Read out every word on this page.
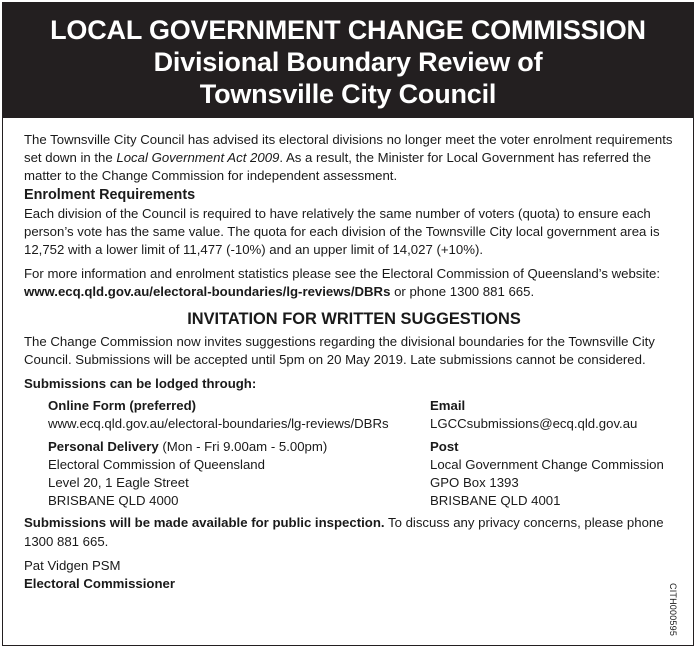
LOCAL GOVERNMENT CHANGE COMMISSION
Divisional Boundary Review of
Townsville City Council

The Townsville City Council has advised its electoral divisions no longer meet the voter enrolment requirements set down in the Local Government Act 2009. As a result, the Minister for Local Government has referred the matter to the Change Commission for independent assessment.

Enrolment Requirements

Each division of the Council is required to have relatively the same number of voters (quota) to ensure each person’s vote has the same value. The quota for each division of the Townsville City local government area is 12,752 with a lower limit of 11,477 (-10%) and an upper limit of 14,027 (+10%).

For more information and enrolment statistics please see the Electoral Commission of Queensland’s website: www.ecq.qld.gov.au/electoral-boundaries/lg-reviews/DBRs or phone 1300 881 665.

INVITATION FOR WRITTEN SUGGESTIONS

The Change Commission now invites suggestions regarding the divisional boundaries for the Townsville City Council. Submissions will be accepted until 5pm on 20 May 2019. Late submissions cannot be considered.

Submissions can be lodged through:

Online Form (preferred)
www.ecq.qld.gov.au/electoral-boundaries/lg-reviews/DBRs
Personal Delivery (Mon - Fri 9.00am - 5.00pm)
Electoral Commission of Queensland
Level 20, 1 Eagle Street
BRISBANE QLD 4000
Email
LGCCsubmissions@ecq.qld.gov.au
Post
Local Government Change Commission
GPO Box 1393
BRISBANE QLD 4001

Submissions will be made available for public inspection. To discuss any privacy concerns, please phone 1300 881 665.

Pat Vidgen PSM

Electoral Commissioner	CITH000595
